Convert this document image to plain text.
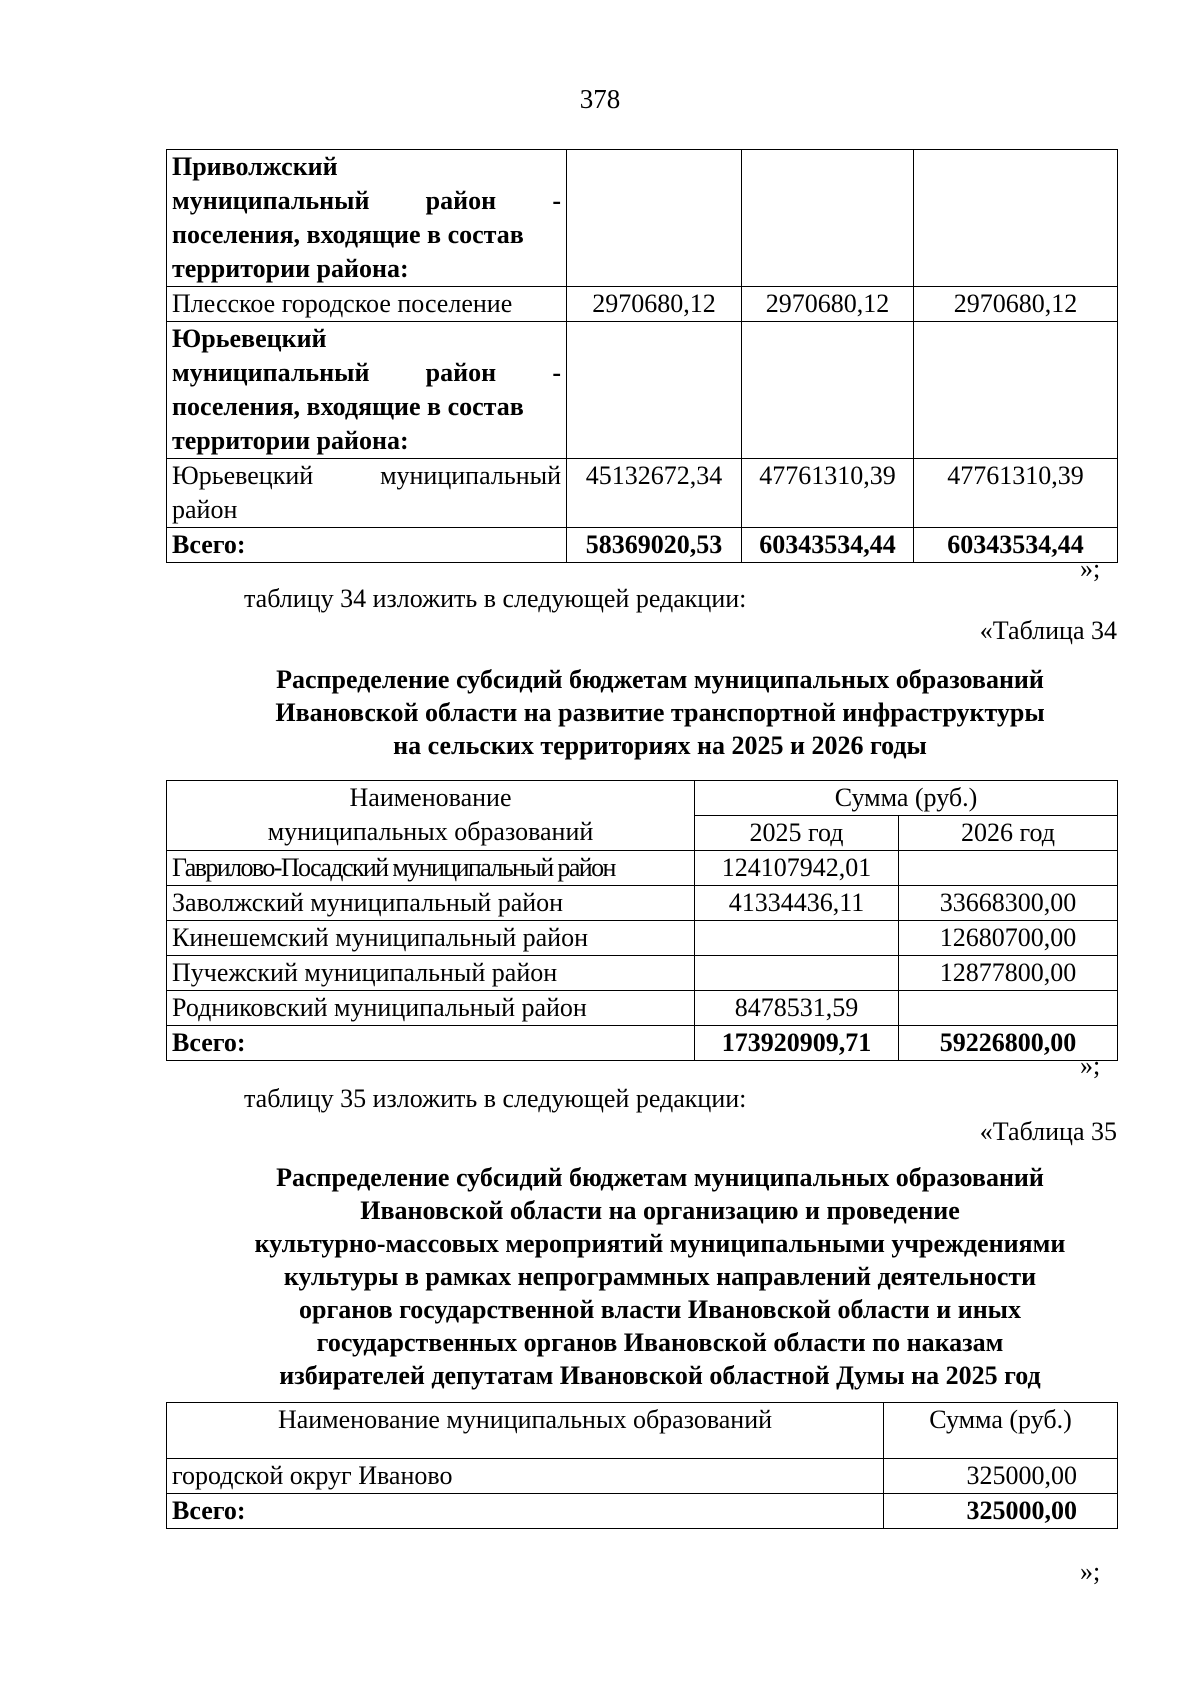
378
Приволжский
муниципальный район -
поселения, входящие в состав
территории района:			

Плесское городское поселение	2970680,12	2970680,12	2970680,12

Юрьевецкий
муниципальный район -
поселения, входящие в состав
территории района:			

Юрьевецкий муниципальный
район	45132672,34	47761310,39	47761310,39
Всего:	58369020,53	60343534,44	60343534,44
»;
таблицу 34 изложить в следующей редакции:
«Таблица 34
Распределение субсидий бюджетам муниципальных образований
Ивановской области на развитие транспортной инфраструктуры
на сельских территориях на 2025 и 2026 годы
Наименование
муниципальных образований	Сумма (руб.)	
	2025 год	2026 год
Гаврилово-Посадский муниципальный район	124107942,01	
Заволжский муниципальный район	41334436,11	33668300,00
Кинешемский муниципальный район		12680700,00
Пучежский муниципальный район		12877800,00
Родниковский муниципальный район	8478531,59	
Всего:	173920909,71	59226800,00
»;
таблицу 35 изложить в следующей редакции:
«Таблица 35
Распределение субсидий бюджетам муниципальных образований
Ивановской области на организацию и проведение
культурно-массовых мероприятий муниципальными учреждениями
культуры в рамках непрограммных направлений деятельности
органов государственной власти Ивановской области и иных
государственных органов Ивановской области по наказам
избирателей депутатам Ивановской областной Думы на 2025 год
Наименование муниципальных образований	Сумма (руб.)
городской округ Иваново	325000,00
Всего:	325000,00
»;
